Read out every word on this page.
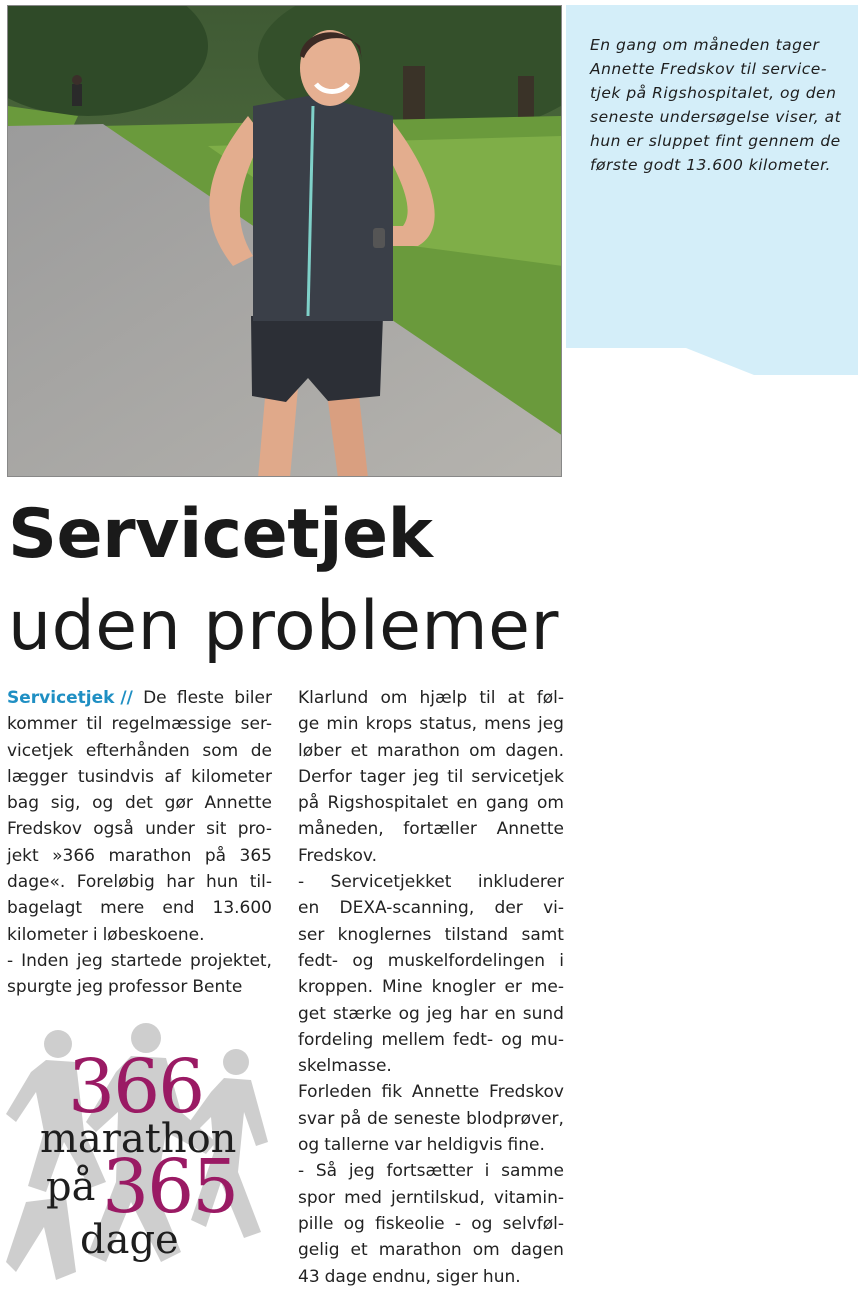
En gang om måneden tager
Annette Fredskov til service-
tjek på Rigshospitalet, og den
seneste undersøgelse viser, at
hun er sluppet fint gennem de
første godt 13.600 kilometer.
Servicetjek
uden problemer
Servicetjek // De fleste biler
kommer til regelmæssige ser-
vicetjek efterhånden som de
lægger tusindvis af kilometer
bag sig, og det gør Annette
Fredskov også under sit pro-
jekt »366 marathon på 365
dage«. Foreløbig har hun til-
bagelagt mere end 13.600
kilometer i løbeskoene.
- Inden jeg startede projektet,
spurgte jeg professor Bente
Klarlund om hjælp til at føl-
ge min krops status, mens jeg
løber et marathon om dagen.
Derfor tager jeg til servicetjek
på Rigshospitalet en gang om
måneden, fortæller Annette
Fredskov.
- Servicetjekket inkluderer
en DEXA-scanning, der vi-
ser knoglernes tilstand samt
fedt- og muskelfordelingen i
kroppen. Mine knogler er me-
get stærke og jeg har en sund
fordeling mellem fedt- og mu-
skelmasse.
Forleden fik Annette Fredskov
svar på de seneste blodprøver,
og tallerne var heldigvis fine.
- Så jeg fortsætter i samme
spor med jerntilskud, vitamin-
pille og fiskeolie - og selvføl-
gelig et marathon om dagen
43 dage endnu, siger hun.
366
marathon
på 365
dage
